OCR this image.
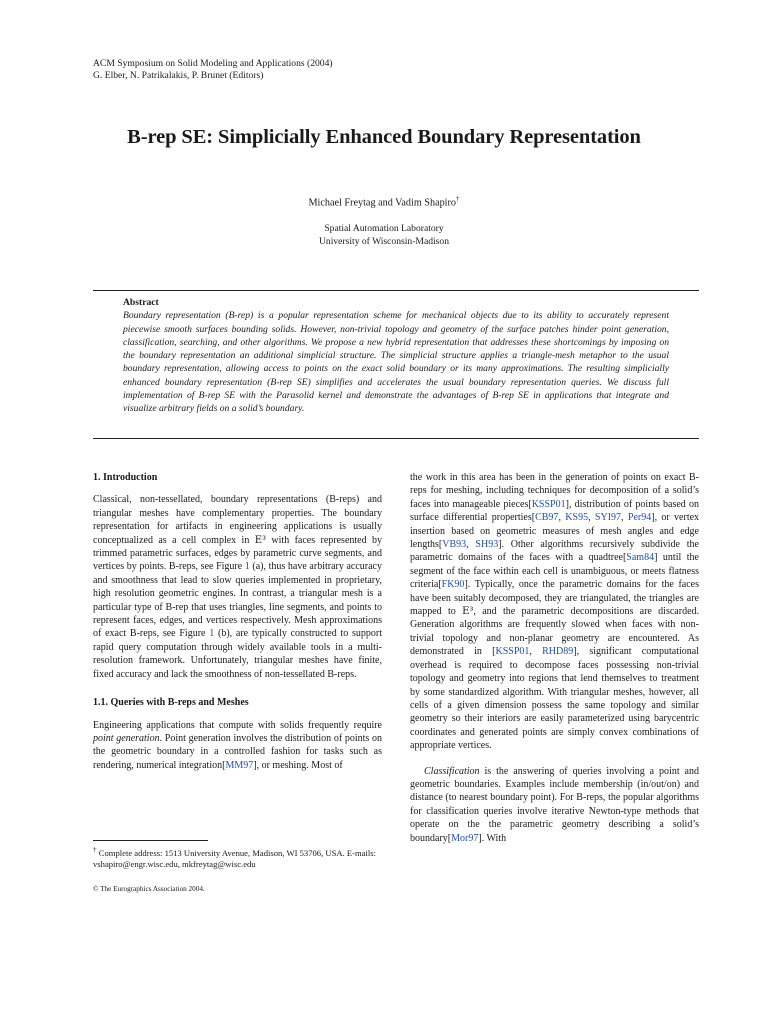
ACM Symposium on Solid Modeling and Applications (2004)
G. Elber, N. Patrikalakis, P. Brunet (Editors)
B-rep SE: Simplicially Enhanced Boundary Representation
Michael Freytag and Vadim Shapiro†
Spatial Automation Laboratory
University of Wisconsin-Madison
Abstract
Boundary representation (B-rep) is a popular representation scheme for mechanical objects due to its ability to accurately represent piecewise smooth surfaces bounding solids. However, non-trivial topology and geometry of the surface patches hinder point generation, classification, searching, and other algorithms. We propose a new hybrid representation that addresses these shortcomings by imposing on the boundary representation an additional simplicial structure. The simplicial structure applies a triangle-mesh metaphor to the usual boundary representation, allowing access to points on the exact solid boundary or its many approximations. The resulting simplicially enhanced boundary representation (B-rep SE) simplifies and accelerates the usual boundary representation queries. We discuss full implementation of B-rep SE with the Parasolid kernel and demonstrate the advantages of B-rep SE in applications that integrate and visualize arbitrary fields on a solid’s boundary.

1. Introduction

Classical, non-tessellated, boundary representations (B-reps) and triangular meshes have complementary properties. The boundary representation for artifacts in engineering applications is usually conceptualized as a cell complex in E³ with faces represented by trimmed parametric surfaces, edges by parametric curve segments, and vertices by points. B-reps, see Figure 1 (a), thus have arbitrary accuracy and smoothness that lead to slow queries implemented in proprietary, high resolution geometric engines. In contrast, a triangular mesh is a particular type of B-rep that uses triangles, line segments, and points to represent faces, edges, and vertices respectively. Mesh approximations of exact B-reps, see Figure 1 (b), are typically constructed to support rapid query computation through widely available tools in a multi-resolution framework. Unfortunately, triangular meshes have finite, fixed accuracy and lack the smoothness of non-tessellated B-reps.

1.1. Queries with B-reps and Meshes

Engineering applications that compute with solids frequently require point generation. Point generation involves the distribution of points on the geometric boundary in a controlled fashion for tasks such as rendering, numerical integration[MM97], or meshing. Most of

the work in this area has been in the generation of points on exact B-reps for meshing, including techniques for decomposition of a solid’s faces into manageable pieces[KSSP01], distribution of points based on surface differential properties[CB97, KS95, SYI97, Per94], or vertex insertion based on geometric measures of mesh angles and edge lengths[VB93, SH93]. Other algorithms recursively subdivide the parametric domains of the faces with a quadtree[Sam84] until the segment of the face within each cell is unambiguous, or meets flatness criteria[FK90]. Typically, once the parametric domains for the faces have been suitably decomposed, they are triangulated, the triangles are mapped to E³, and the parametric decompositions are discarded. Generation algorithms are frequently slowed when faces with non-trivial topology and non-planar geometry are encountered. As demonstrated in [KSSP01, RHD89], significant computational overhead is required to decompose faces possessing non-trivial topology and geometry into regions that lend themselves to treatment by some standardized algorithm. With triangular meshes, however, all cells of a given dimension possess the same topology and similar geometry so their interiors are easily parameterized using barycentric coordinates and generated points are simply convex combinations of appropriate vertices.

Classification is the answering of queries involving a point and geometric boundaries. Examples include membership (in/out/on) and distance (to nearest boundary point). For B-reps, the popular algorithms for classification queries involve iterative Newton-type methods that operate on the the parametric geometry describing a solid’s boundary[Mor97]. With

† Complete address: 1513 University Avenue, Madison, WI 53706, USA. E-mails: vshapiro@engr.wisc.edu, mkfreytag@wisc.edu
© The Eurographics Association 2004.
